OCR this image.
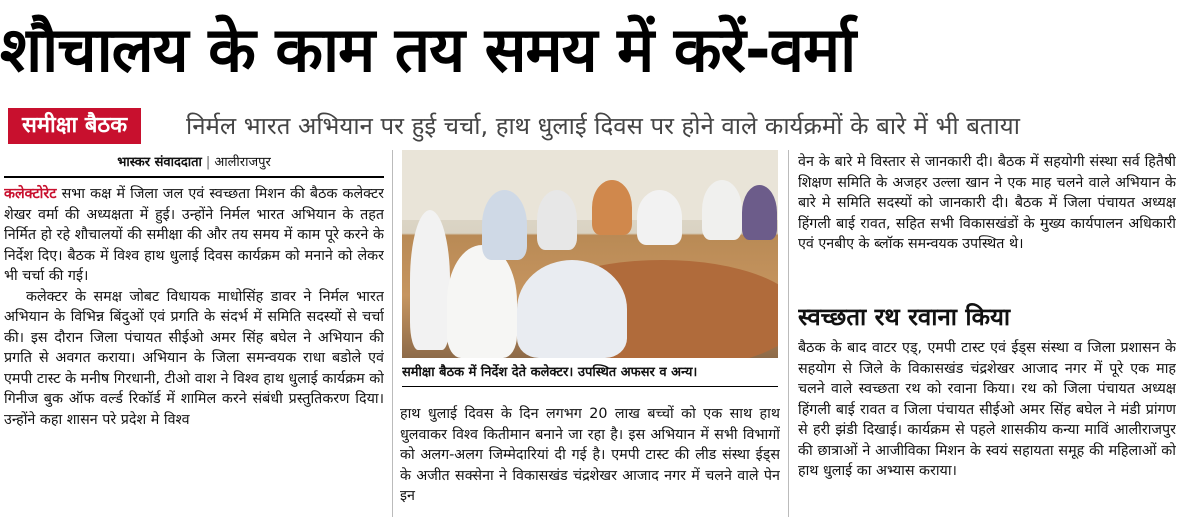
शौचालय के काम तय समय में करें-वर्मा
समीक्षा बैठक	निर्मल भारत अभियान पर हुई चर्चा, हाथ धुलाई दिवस पर होने वाले कार्यक्रमों के बारे में भी बताया
भास्कर संवाददाता | आलीराजपुर

कलेक्टोरेट सभा कक्ष में जिला जल एवं स्वच्छता मिशन की बैठक कलेक्टर शेखर वर्मा की अध्यक्षता में हुई। उन्होंने निर्मल भारत अभियान के तहत निर्मित हो रहे शौचालयों की समीक्षा की और तय समय में काम पूरे करने के निर्देश दिए। बैठक में विश्व हाथ धुलाई दिवस कार्यक्रम को मनाने को लेकर भी चर्चा की गई।

कलेक्टर के समक्ष जोबट विधायक माधोसिंह डावर ने निर्मल भारत अभियान के विभिन्न बिंदुओं एवं प्रगति के संदर्भ में समिति सदस्यों से चर्चा की। इस दौरान जिला पंचायत सीईओ अमर सिंह बघेल ने अभियान की प्रगति से अवगत कराया। अभियान के जिला समन्वयक राधा बडोले एवं एमपी टास्ट के मनीष गिरधानी, टीओ वाश ने विश्व हाथ धुलाई कार्यक्रम को गिनीज बुक ऑफ वर्ल्ड रिकॉर्ड में शामिल करने संबंधी प्रस्तुतिकरण दिया। उन्होंने कहा शासन परे प्रदेश मे विश्व

समीक्षा बैठक में निर्देश देते कलेक्टर। उपस्थित अफसर व अन्य।

हाथ धुलाई दिवस के दिन लगभग 20 लाख बच्चों को एक साथ हाथ धुलवाकर विश्व कितीमान बनाने जा रहा है। इस अभियान में सभी विभागों को अलग-अलग जिम्मेदारियां दी गई है। एमपी टास्ट की लीड संस्था ईड्स के अजीत सक्सेना ने विकासखंड चंद्रशेखर आजाद नगर में चलने वाले पेन इन

वेन के बारे मे विस्तार से जानकारी दी। बैठक में सहयोगी संस्था सर्व हितैषी शिक्षण समिति के अजहर उल्ला खान ने एक माह चलने वाले अभियान के बारे मे समिति सदस्यों को जानकारी दी। बैठक में जिला पंचायत अध्यक्ष हिंगली बाई रावत, सहित सभी विकासखंडों के मुख्य कार्यपालन अधिकारी एवं एनबीए के ब्लॉक समन्वयक उपस्थित थे।

स्वच्छता रथ रवाना किया

बैठक के बाद वाटर एड्, एमपी टास्ट एवं ईड्स संस्था व जिला प्रशासन के सहयोग से जिले के विकासखंड चंद्रशेखर आजाद नगर में पूरे एक माह चलने वाले स्वच्छता रथ को रवाना किया। रथ को जिला पंचायत अध्यक्ष हिंगली बाई रावत व जिला पंचायत सीईओ अमर सिंह बघेल ने मंडी प्रांगण से हरी झंडी दिखाई। कार्यक्रम से पहले शासकीय कन्या माविं आलीराजपुर की छात्राओं ने आजीविका मिशन के स्वयं सहायता समूह की महिलाओं को हाथ धुलाई का अभ्यास कराया।
